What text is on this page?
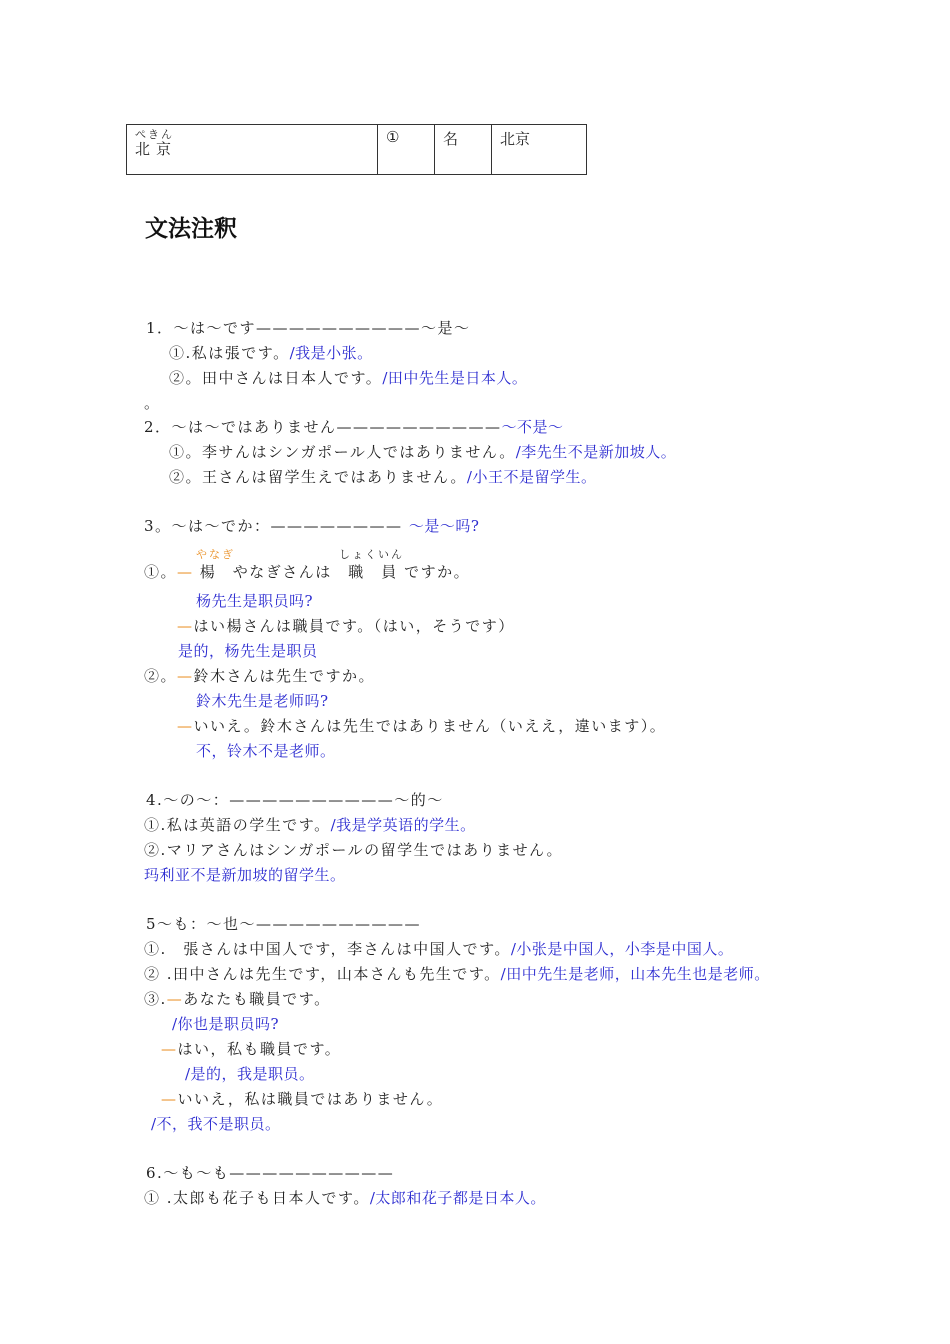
ぺきん
北京
	①	名	北京
文法注釈
1．～は～です——————————～是～
①.私は張です。/我是小张。
②。田中さんは日本人です。/田中先生是日本人。
。
2．～は～ではありません——————————～不是～
①。李サんはシンガポール人ではありません。/李先生不是新加坡人。
②。王さんは留学生えではありません。/小王不是留学生。
3。～は～でか：———————— ～是～吗?
やなぎ	しょくいん
①。— 楊　やなぎさんは　職　員 ですか。
杨先生是职员吗?
—はい楊さんは職員です。（はい，そうです）
是的，杨先生是职员
②。—鈴木さんは先生ですか。
鈴木先生是老师吗?
—いいえ。鈴木さんは先生ではありません（いええ，違います）。
不，铃木不是老师。
4.～の～：——————————～的～
①.私は英語の学生です。/我是学英语的学生。
②.マリアさんはシンガポールの留学生ではありません。
玛利亚不是新加坡的留学生。
5～も：～也～——————————
①.　張さんは中国人です，李さんは中国人です。/小张是中国人，小李是中国人。
② .田中さんは先生です，山本さんも先生です。/田中先生是老师，山本先生也是老师。
③.—あなたも職員です。
/你也是职员吗?
—はい，私も職員です。
/是的，我是职员。
—いいえ，私は職員ではありません。
/不，我不是职员。
6.～も～も——————————
① .太郎も花子も日本人です。/太郎和花子都是日本人。
